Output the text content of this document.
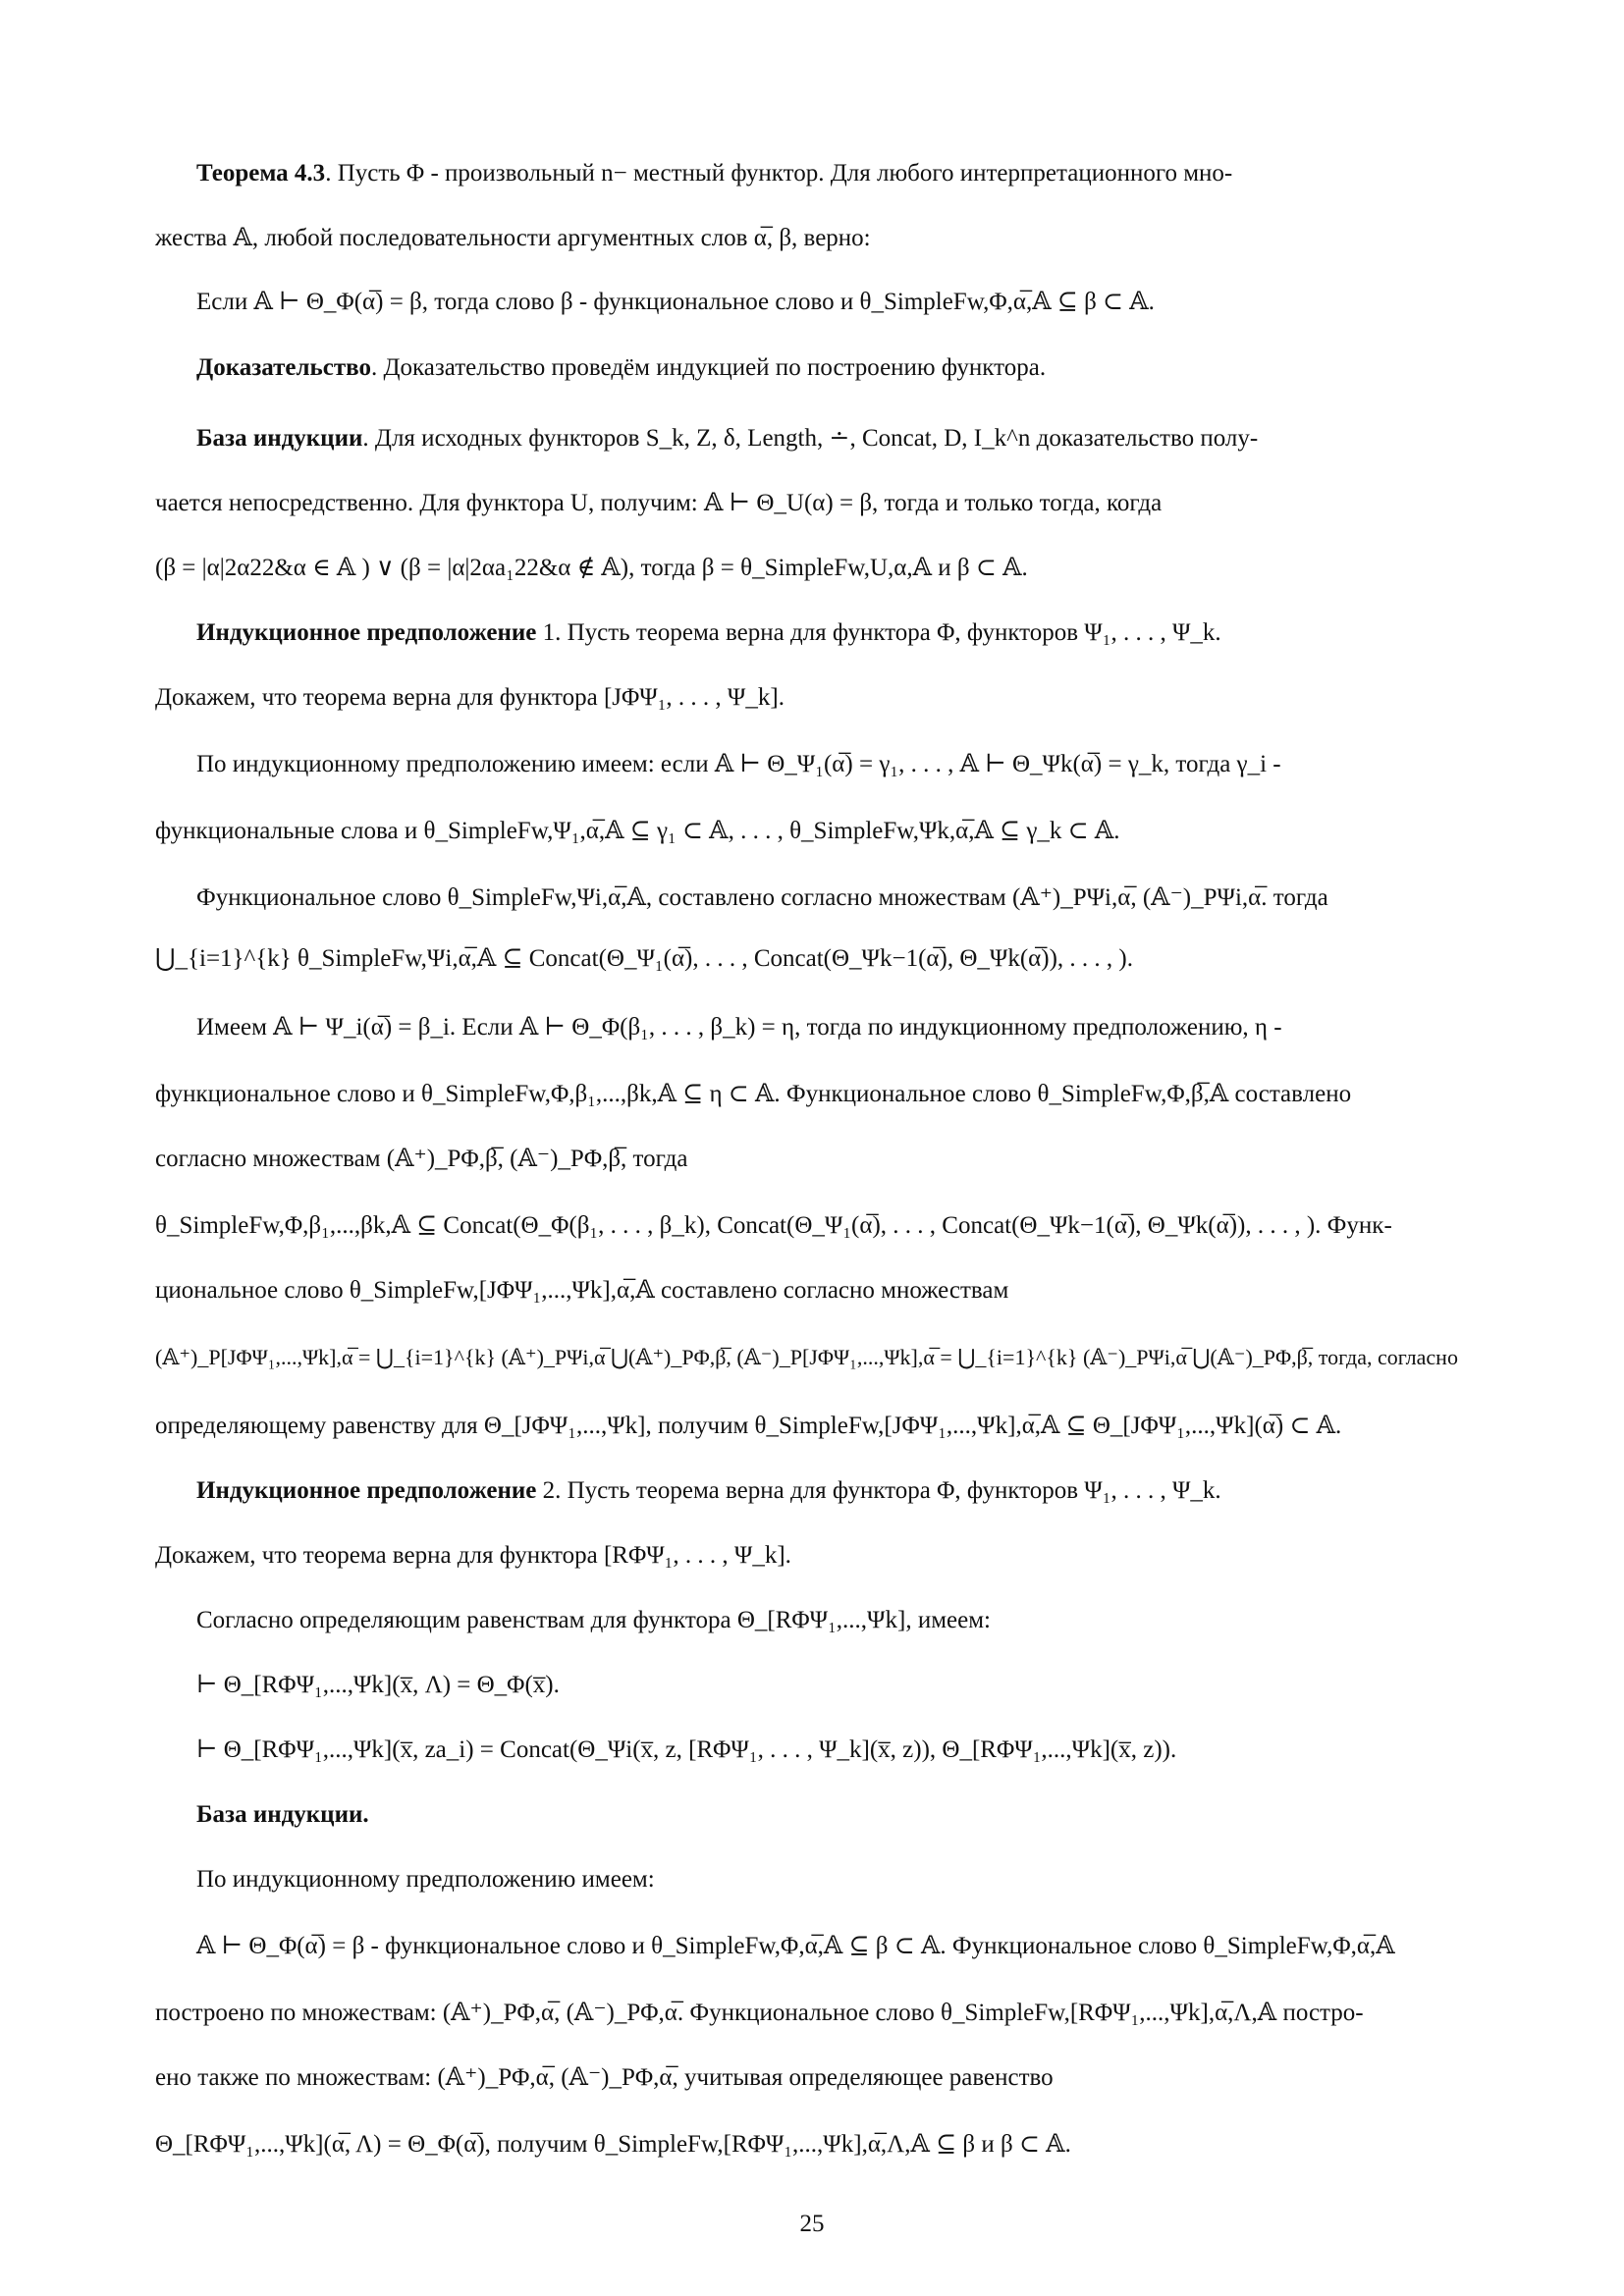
Теорема 4.3. Пусть Φ - произвольный n− местный функтор. Для любого интерпретационного мно-
жества 𝔸, любой последовательности аргументных слов α̅, β, верно:
Если 𝔸 ⊢ Θ_Φ(α̅) = β, тогда слово β - функциональное слово и θ_SimpleFw,Φ,α̅,𝔸 ⊆ β ⊂ 𝔸.
Доказательство. Доказательство проведём индукцией по построению функтора.
База индукции. Для исходных функторов S_k, Z, δ, Length, ∸, Concat, D, I_k^n доказательство полу-
чается непосредственно. Для функтора U, получим: 𝔸 ⊢ Θ_U(α) = β, тогда и только тогда, когда
(β = |α|2α22&α ∈ 𝔸 ) ∨ (β = |α|2αa₁22&α ∉ 𝔸), тогда β = θ_SimpleFw,U,α,𝔸 и β ⊂ 𝔸.
Индукционное предположение 1. Пусть теорема верна для функтора Φ, функторов Ψ₁, . . . , Ψ_k.
Докажем, что теорема верна для функтора [JΦΨ₁, . . . , Ψ_k].
По индукционному предположению имеем: если 𝔸 ⊢ Θ_Ψ₁(α̅) = γ₁, . . . , 𝔸 ⊢ Θ_Ψk(α̅) = γ_k, тогда γ_i -
функциональные слова и θ_SimpleFw,Ψ₁,α̅,𝔸 ⊆ γ₁ ⊂ 𝔸, . . . , θ_SimpleFw,Ψk,α̅,𝔸 ⊆ γ_k ⊂ 𝔸.
Функциональное слово θ_SimpleFw,Ψi,α̅,𝔸, составлено согласно множествам (𝔸⁺)_PΨi,α̅, (𝔸⁻)_PΨi,α̅. тогда
⋃_{i=1}^{k} θ_SimpleFw,Ψi,α̅,𝔸 ⊆ Concat(Θ_Ψ₁(α̅), . . . , Concat(Θ_Ψk−1(α̅), Θ_Ψk(α̅)), . . . , ).
Имеем 𝔸 ⊢ Ψ_i(α̅) = β_i. Если 𝔸 ⊢ Θ_Φ(β₁, . . . , β_k) = η, тогда по индукционному предположению, η -
функциональное слово и θ_SimpleFw,Φ,β₁,...,βk,𝔸 ⊆ η ⊂ 𝔸. Функциональное слово θ_SimpleFw,Φ,β̅,𝔸 составлено
согласно множествам (𝔸⁺)_PΦ,β̅, (𝔸⁻)_PΦ,β̅, тогда
θ_SimpleFw,Φ,β₁,...,βk,𝔸 ⊆ Concat(Θ_Φ(β₁, . . . , β_k), Concat(Θ_Ψ₁(α̅), . . . , Concat(Θ_Ψk−1(α̅), Θ_Ψk(α̅)), . . . , ). Функ-
циональное слово θ_SimpleFw,[JΦΨ₁,...,Ψk],α̅,𝔸 составлено согласно множествам
(𝔸⁺)_P[JΦΨ₁,...,Ψk],α̅ = ⋃_{i=1}^{k} (𝔸⁺)_PΨi,α̅ ⋃(𝔸⁺)_PΦ,β̅, (𝔸⁻)_P[JΦΨ₁,...,Ψk],α̅ = ⋃_{i=1}^{k} (𝔸⁻)_PΨi,α̅ ⋃(𝔸⁻)_PΦ,β̅, тогда, согласно
определяющему равенству для Θ_[JΦΨ₁,...,Ψk], получим θ_SimpleFw,[JΦΨ₁,...,Ψk],α̅,𝔸 ⊆ Θ_[JΦΨ₁,...,Ψk](α̅) ⊂ 𝔸.
Индукционное предположение 2. Пусть теорема верна для функтора Φ, функторов Ψ₁, . . . , Ψ_k.
Докажем, что теорема верна для функтора [RΦΨ₁, . . . , Ψ_k].
Согласно определяющим равенствам для функтора Θ_[RΦΨ₁,...,Ψk], имеем:
⊢ Θ_[RΦΨ₁,...,Ψk](x̅, Λ) = Θ_Φ(x̅).
⊢ Θ_[RΦΨ₁,...,Ψk](x̅, za_i) = Concat(Θ_Ψi(x̅, z, [RΦΨ₁, . . . , Ψ_k](x̅, z)), Θ_[RΦΨ₁,...,Ψk](x̅, z)).
База индукции.
По индукционному предположению имеем:
𝔸 ⊢ Θ_Φ(α̅) = β - функциональное слово и θ_SimpleFw,Φ,α̅,𝔸 ⊆ β ⊂ 𝔸. Функциональное слово θ_SimpleFw,Φ,α̅,𝔸
построено по множествам: (𝔸⁺)_PΦ,α̅, (𝔸⁻)_PΦ,α̅. Функциональное слово θ_SimpleFw,[RΦΨ₁,...,Ψk],α̅,Λ,𝔸 постро-
ено также по множествам: (𝔸⁺)_PΦ,α̅, (𝔸⁻)_PΦ,α̅, учитывая определяющее равенство
Θ_[RΦΨ₁,...,Ψk](α̅, Λ) = Θ_Φ(α̅), получим θ_SimpleFw,[RΦΨ₁,...,Ψk],α̅,Λ,𝔸 ⊆ β и β ⊂ 𝔸.
25
